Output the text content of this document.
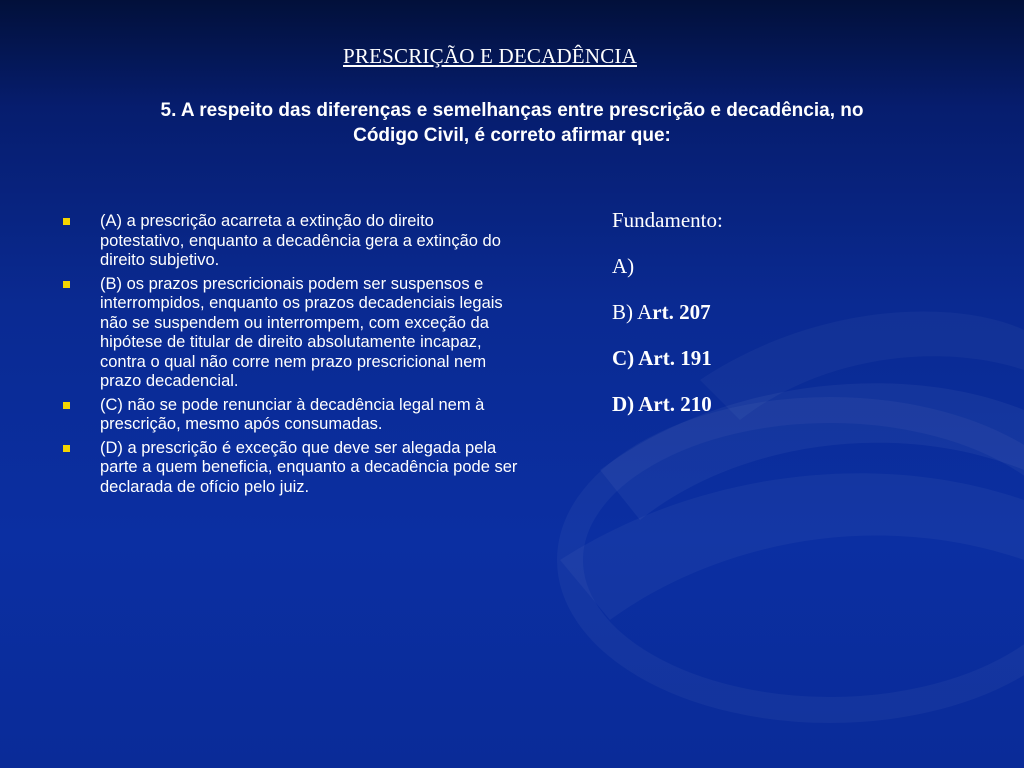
PRESCRIÇÃO E DECADÊNCIA
5. A respeito das diferenças e semelhanças entre prescrição e decadência, no
Código Civil, é correto afirmar que:
(A) a prescrição acarreta a extinção do direito potestativo, enquanto a decadência gera a extinção do direito subjetivo.
(B) os prazos prescricionais podem ser suspensos e interrompidos, enquanto os prazos decadenciais legais não se suspendem ou interrompem, com exceção da hipótese de titular de direito absolutamente incapaz, contra o qual não corre nem prazo prescricional nem prazo decadencial.
(C) não se pode renunciar à decadência legal nem à prescrição, mesmo após consumadas.
(D) a prescrição é exceção que deve ser alegada pela parte a quem beneficia, enquanto a decadência pode ser declarada de ofício pelo juiz.
Fundamento:
A)
B) Art. 207
C) Art. 191
D) Art. 210
